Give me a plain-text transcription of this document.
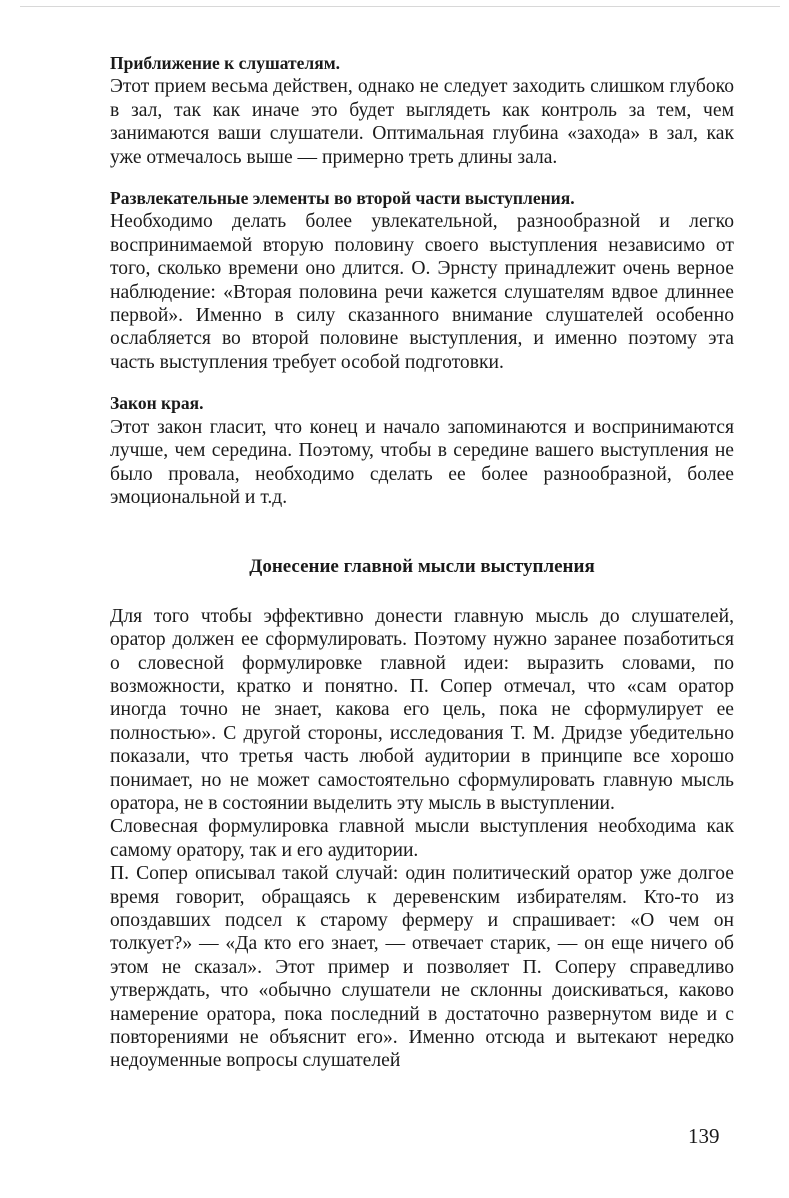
Приближение к слушателям.

Этот прием весьма действен, однако не следует заходить слишком глубоко в зал, так как иначе это будет выглядеть как контроль за тем, чем занимаются ваши слушатели. Оптимальная глубина «захода» в зал, как уже отмечалось выше — примерно треть длины зала.

Развлекательные элементы во второй части выступления.

Необходимо делать более увлекательной, разнообразной и легко воспринимаемой вторую половину своего выступления независимо от того, сколько времени оно длится. О. Эрнсту принадлежит очень верное наблюдение: «Вторая половина речи кажется слушателям вдвое длиннее первой». Именно в силу сказанного внимание слушателей особенно ослабляется во второй половине выступления, и именно поэтому эта часть выступления требует особой подготовки.

Закон края.

Этот закон гласит, что конец и начало запоминаются и воспринимаются лучше, чем середина. Поэтому, чтобы в середине вашего выступления не было провала, необходимо сделать ее более разнообразной, более эмоциональной и т.д.

Донесение главной мысли выступления

Для того чтобы эффективно донести главную мысль до слушателей, оратор должен ее сформулировать. Поэтому нужно заранее позаботиться о словесной формулировке главной идеи: выразить словами, по возможности, кратко и понятно. П. Сопер отмечал, что «сам оратор иногда точно не знает, какова его цель, пока не сформулирует ее полностью». С другой стороны, исследования Т. М. Дридзе убедительно показали, что третья часть любой аудитории в принципе все хорошо понимает, но не может самостоятельно сформулировать главную мысль оратора, не в состоянии выделить эту мысль в выступлении.

Словесная формулировка главной мысли выступления необходима как самому оратору, так и его аудитории.

П. Сопер описывал такой случай: один политический оратор уже долгое время говорит, обращаясь к деревенским избирателям. Кто-то из опоздавших подсел к старому фермеру и спрашивает: «О чем он толкует?» — «Да кто его знает, — отвечает старик, — он еще ничего об этом не сказал». Этот пример и позволяет П. Соперу справедливо утверждать, что «обычно слушатели не склонны доискиваться, каково намерение оратора, пока последний в достаточно развернутом виде и с повторениями не объяснит его». Именно отсюда и вытекают нередко недоуменные вопросы слушателей

139
